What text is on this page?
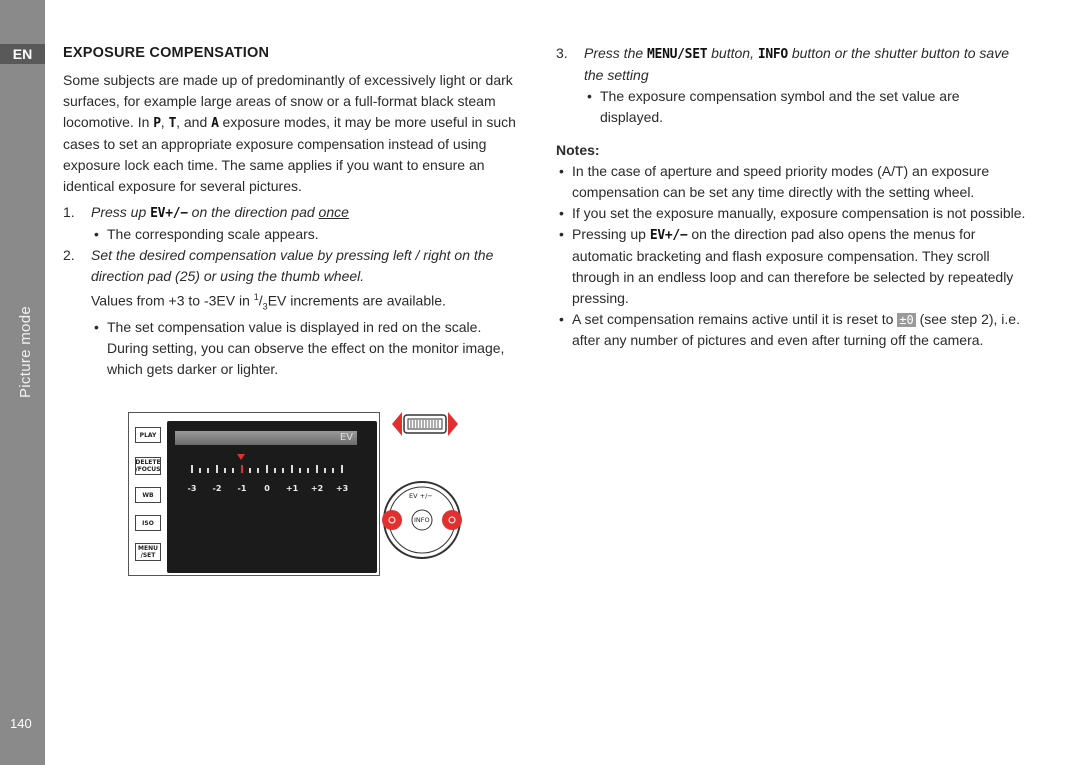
EN
Picture mode
140
EXPOSURE COMPENSATION

Some subjects are made up of predominantly of excessively light or dark surfaces, for example large areas of snow or a full-format black steam locomotive. In P, T, and A exposure modes, it may be more useful in such cases to set an appropriate exposure compensation instead of using exposure lock each time. The same applies if you want to ensure an identical exposure for several pictures.

1. Press up EV+/− on the direction pad once
• The corresponding scale appears.
2. Set the desired compensation value by pressing left / right on the direction pad (25) or using the thumb wheel.
Values from +3 to -3EV in $^1/_3EV$ increments are available.
• The set compensation value is displayed in red on the scale. During setting, you can observe the effect on the monitor image, which gets darker or lighter.
PLAY
DELETE /FOCUS
WB
ISO
MENU /SET
EV
-3 -2 -1 0 +1 +2 +3
EV +/−
INFO
3. Press the MENU/SET button, INFO button or the shutter button to save the setting
• The exposure compensation symbol and the set value are displayed.
Notes:
• In the case of aperture and speed priority modes (A/T) an exposure compensation can be set any time directly with the setting wheel.
• If you set the exposure manually, exposure compensation is not possible.
• Pressing up EV+/− on the direction pad also opens the menus for automatic bracketing and flash exposure compensation. They scroll through in an endless loop and can therefore be selected by repeatedly pressing.
• A set compensation remains active until it is reset to ±0 (see step 2), i.e. after any number of pictures and even after turning off the camera.
